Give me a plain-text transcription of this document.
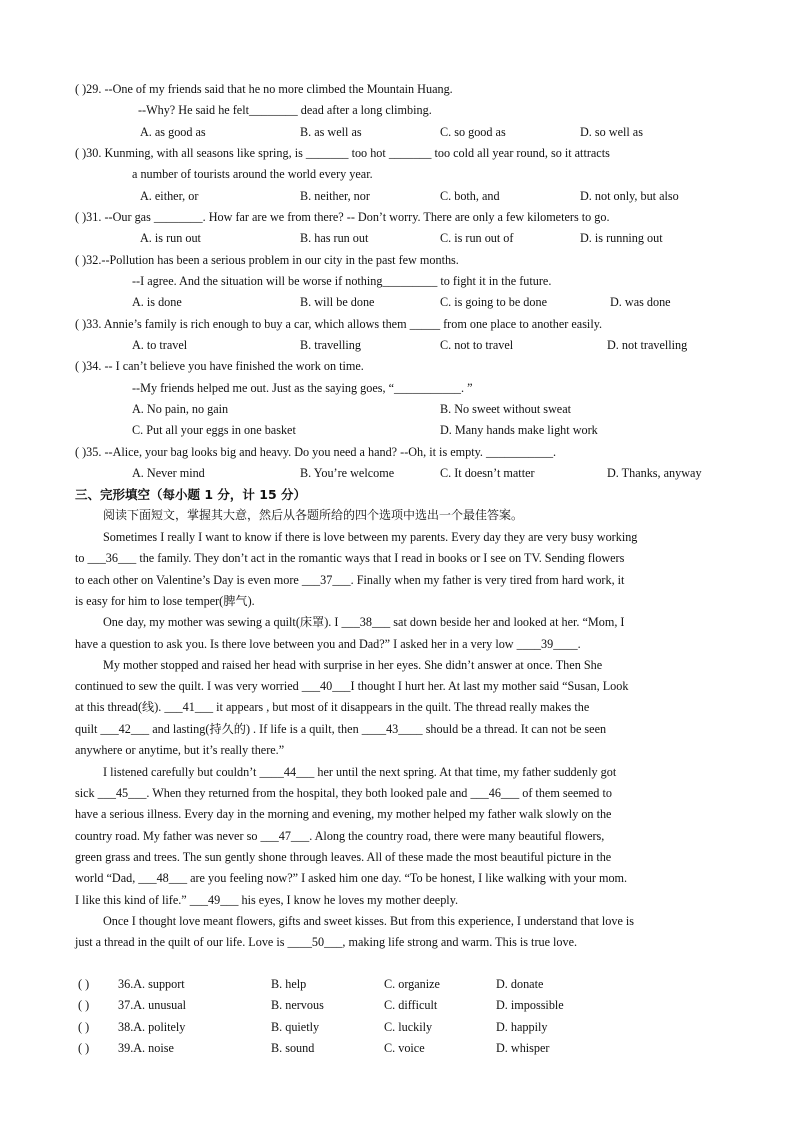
( )29. --One of my friends said that he no more climbed the Mountain Huang.
--Why? He said he felt________ dead after a long climbing.
A. as good as	B. as well as	C. so good as	D. so well as
( )30. Kunming, with all seasons like spring, is _______ too hot _______ too cold all year round, so it attracts
a number of tourists around the world every year.
A. either, or	B. neither, nor	C. both, and	D. not only, but also
( )31. --Our gas ________. How far are we from there? -- Don’t worry. There are only a few kilometers to go.
A. is run out	B. has run out	C. is run out of	D. is running out
( )32.--Pollution has been a serious problem in our city in the past few months.
--I agree. And the situation will be worse if nothing_________ to fight it in the future.
A. is done	B. will be done	C. is going to be done	D. was done
( )33. Annie’s family is rich enough to buy a car, which allows them _____ from one place to another easily.
A. to travel	B. travelling	C. not to travel	D. not travelling
( )34. -- I can’t believe you have finished the work on time.
--My friends helped me out. Just as the saying goes, “___________. ”
A. No pain, no gain	B. No sweet without sweat
C. Put all your eggs in one basket	D. Many hands make light work
( )35. --Alice, your bag looks big and heavy. Do you need a hand? --Oh, it is empty. ___________.
A. Never mind	B. You’re welcome	C. It doesn’t matter	D. Thanks, anyway
三、完形填空（每小题 1 分，计 15 分）
阅读下面短文，掌握其大意，然后从各题所给的四个选项中选出一个最佳答案。
Sometimes I really I want to know if there is love between my parents. Every day they are very busy working
to ___36___ the family. They don’t act in the romantic ways that I read in books or I see on TV. Sending flowers
to each other on Valentine’s Day is even more ___37___. Finally when my father is very tired from hard work, it
is easy for him to lose temper(脾气).
One day, my mother was sewing a quilt(床罩). I ___38___ sat down beside her and looked at her. “Mom, I
have a question to ask you. Is there love between you and Dad?” I asked her in a very low ____39____.
My mother stopped and raised her head with surprise in her eyes. She didn’t answer at once. Then She
continued to sew the quilt. I was very worried ___40___I thought I hurt her. At last my mother said “Susan, Look
at this thread(线). ___41___ it appears , but most of it disappears in the quilt. The thread really makes the
quilt ___42___ and lasting(持久的) . If life is a quilt, then ____43____ should be a thread. It can not be seen
anywhere or anytime, but it’s really there.”
I listened carefully but couldn’t ____44___ her until the next spring. At that time, my father suddenly got
sick ___45___. When they returned from the hospital, they both looked pale and ___46___ of them seemed to
have a serious illness. Every day in the morning and evening, my mother helped my father walk slowly on the
country road. My father was never so ___47___. Along the country road, there were many beautiful flowers,
green grass and trees. The sun gently shone through leaves. All of these made the most beautiful picture in the
world “Dad, ___48___ are you feeling now?” I asked him one day. “To be honest, I like walking with your mom.
I like this kind of life.” ___49___ his eyes, I know he loves my mother deeply.
Once I thought love meant flowers, gifts and sweet kisses. But from this experience, I understand that love is
just a thread in the quilt of our life. Love is ____50___, making life strong and warm. This is true love.
( ) 36.A. support	B. help	C. organize	D. donate
( ) 37.A. unusual	B. nervous	C. difficult	D. impossible
( ) 38.A. politely	B. quietly	C. luckily	D. happily
( ) 39.A. noise	B. sound	C. voice	D. whisper
